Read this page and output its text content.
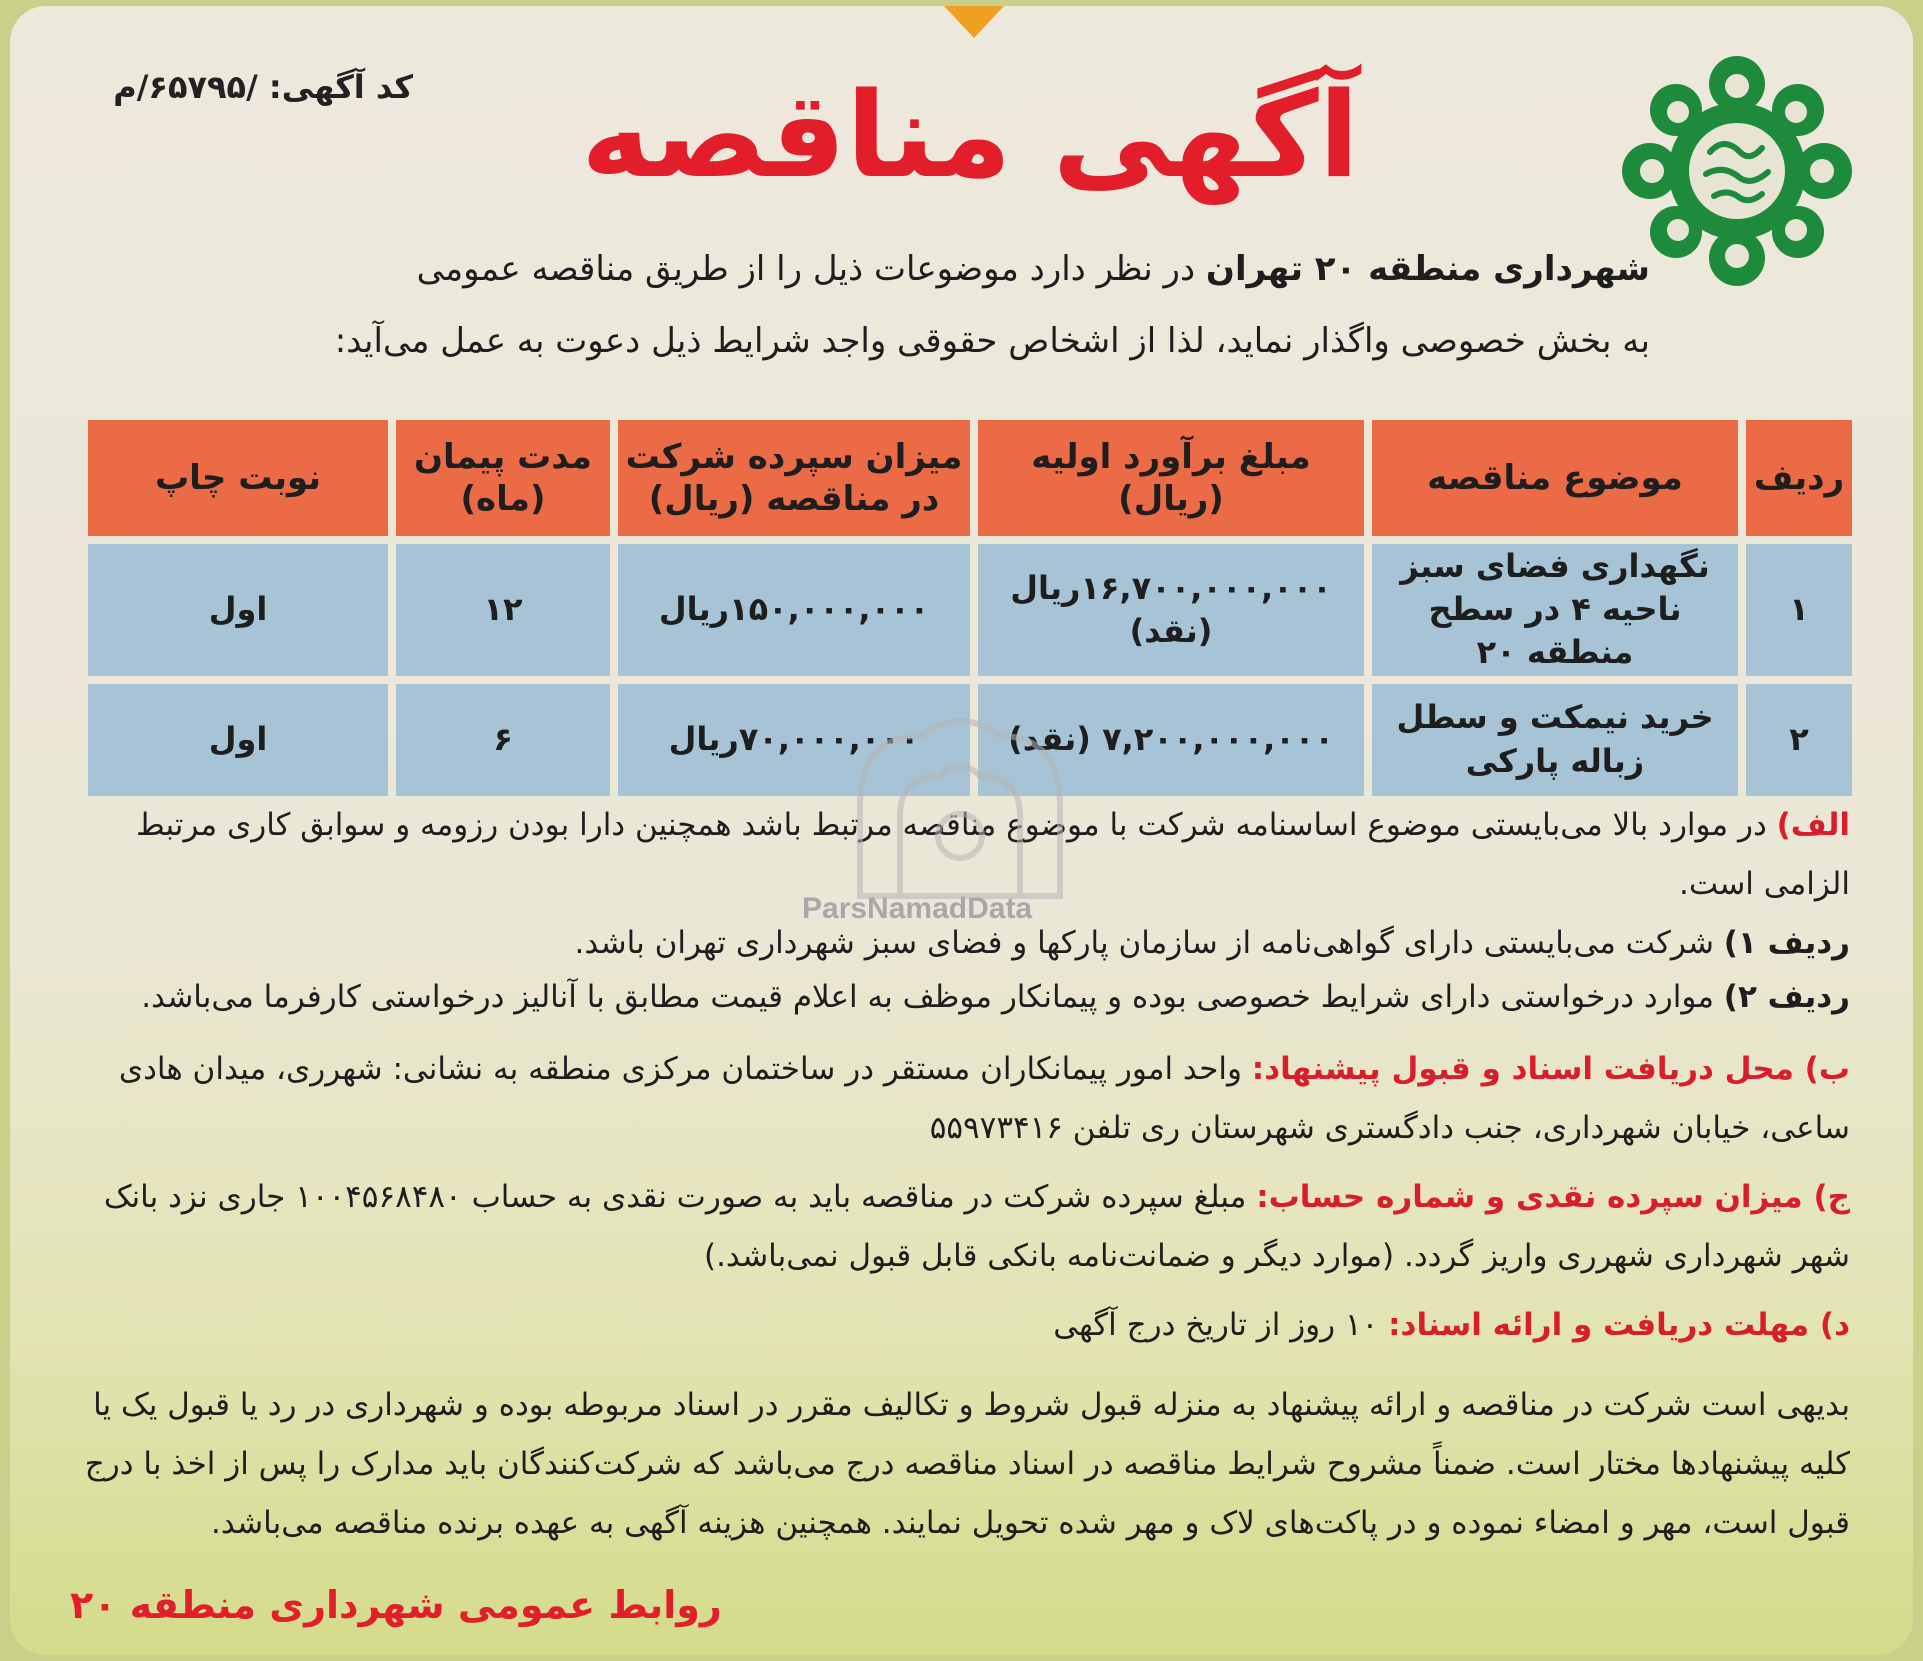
کد آگهی: /۶۵۷۹۵/م آگهی مناقصه
شهرداری منطقه ۲۰ تهران در نظر دارد موضوعات ذیل را از طریق مناقصه عمومی
به بخش خصوصی واگذار نماید، لذا از اشخاص حقوقی واجد شرایط ذیل دعوت به عمل می‌آید:
ردیف	موضوع مناقصه	مبلغ برآورد اولیه (ریال)	میزان سپرده شرکت در مناقصه (ریال)	مدت پیمان (ماه)	نوبت چاپ
۱	نگهداری فضای سبز ناحیه ۴ در سطح منطقه ۲۰	۱۶,۷۰۰,۰۰۰,۰۰۰ریال (نقد)	۱۵۰,۰۰۰,۰۰۰ریال	۱۲	اول
۲	خرید نیمکت و سطل زباله پارکی	۷,۲۰۰,۰۰۰,۰۰۰ (نقد)	۷۰,۰۰۰,۰۰۰ریال	۶	اول
الف) در موارد بالا می‌بایستی موضوع اساسنامه شرکت با موضوع مناقصه مرتبط باشد همچنین دارا بودن رزومه و سوابق کاری مرتبط الزامی است.
ردیف ۱) شرکت می‌بایستی دارای گواهی‌نامه از سازمان پارکها و فضای سبز شهرداری تهران باشد.
ردیف ۲) موارد درخواستی دارای شرایط خصوصی بوده و پیمانکار موظف به اعلام قیمت مطابق با آنالیز درخواستی کارفرما می‌باشد.
ب) محل دریافت اسناد و قبول پیشنهاد: واحد امور پیمانکاران مستقر در ساختمان مرکزی منطقه به نشانی: شهرری، میدان هادی ساعی، خیابان شهرداری، جنب دادگستری شهرستان ری تلفن ۵۵۹۷۳۴۱۶
ج) میزان سپرده نقدی و شماره حساب: مبلغ سپرده شرکت در مناقصه باید به صورت نقدی به حساب ۱۰۰۴۵۶۸۴۸۰ جاری نزد بانک شهر شهرداری شهرری واریز گردد. (موارد دیگر و ضمانت‌نامه بانکی قابل قبول نمی‌باشد.)
د) مهلت دریافت و ارائه اسناد: ۱۰ روز از تاریخ درج آگهی
بدیهی است شرکت در مناقصه و ارائه پیشنهاد به منزله قبول شروط و تکالیف مقرر در اسناد مربوطه بوده و شهرداری در رد یا قبول یک یا کلیه پیشنهادها مختار است. ضمناً مشروح شرایط مناقصه در اسناد مناقصه درج می‌باشد که شرکت‌کنندگان باید مدارک را پس از اخذ با درج قبول است، مهر و امضاء نموده و در پاکت‌های لاک و مهر شده تحویل نمایند. همچنین هزینه آگهی به عهده برنده مناقصه می‌باشد.
روابط عمومی شهرداری منطقه ۲۰
ParsNamadData
